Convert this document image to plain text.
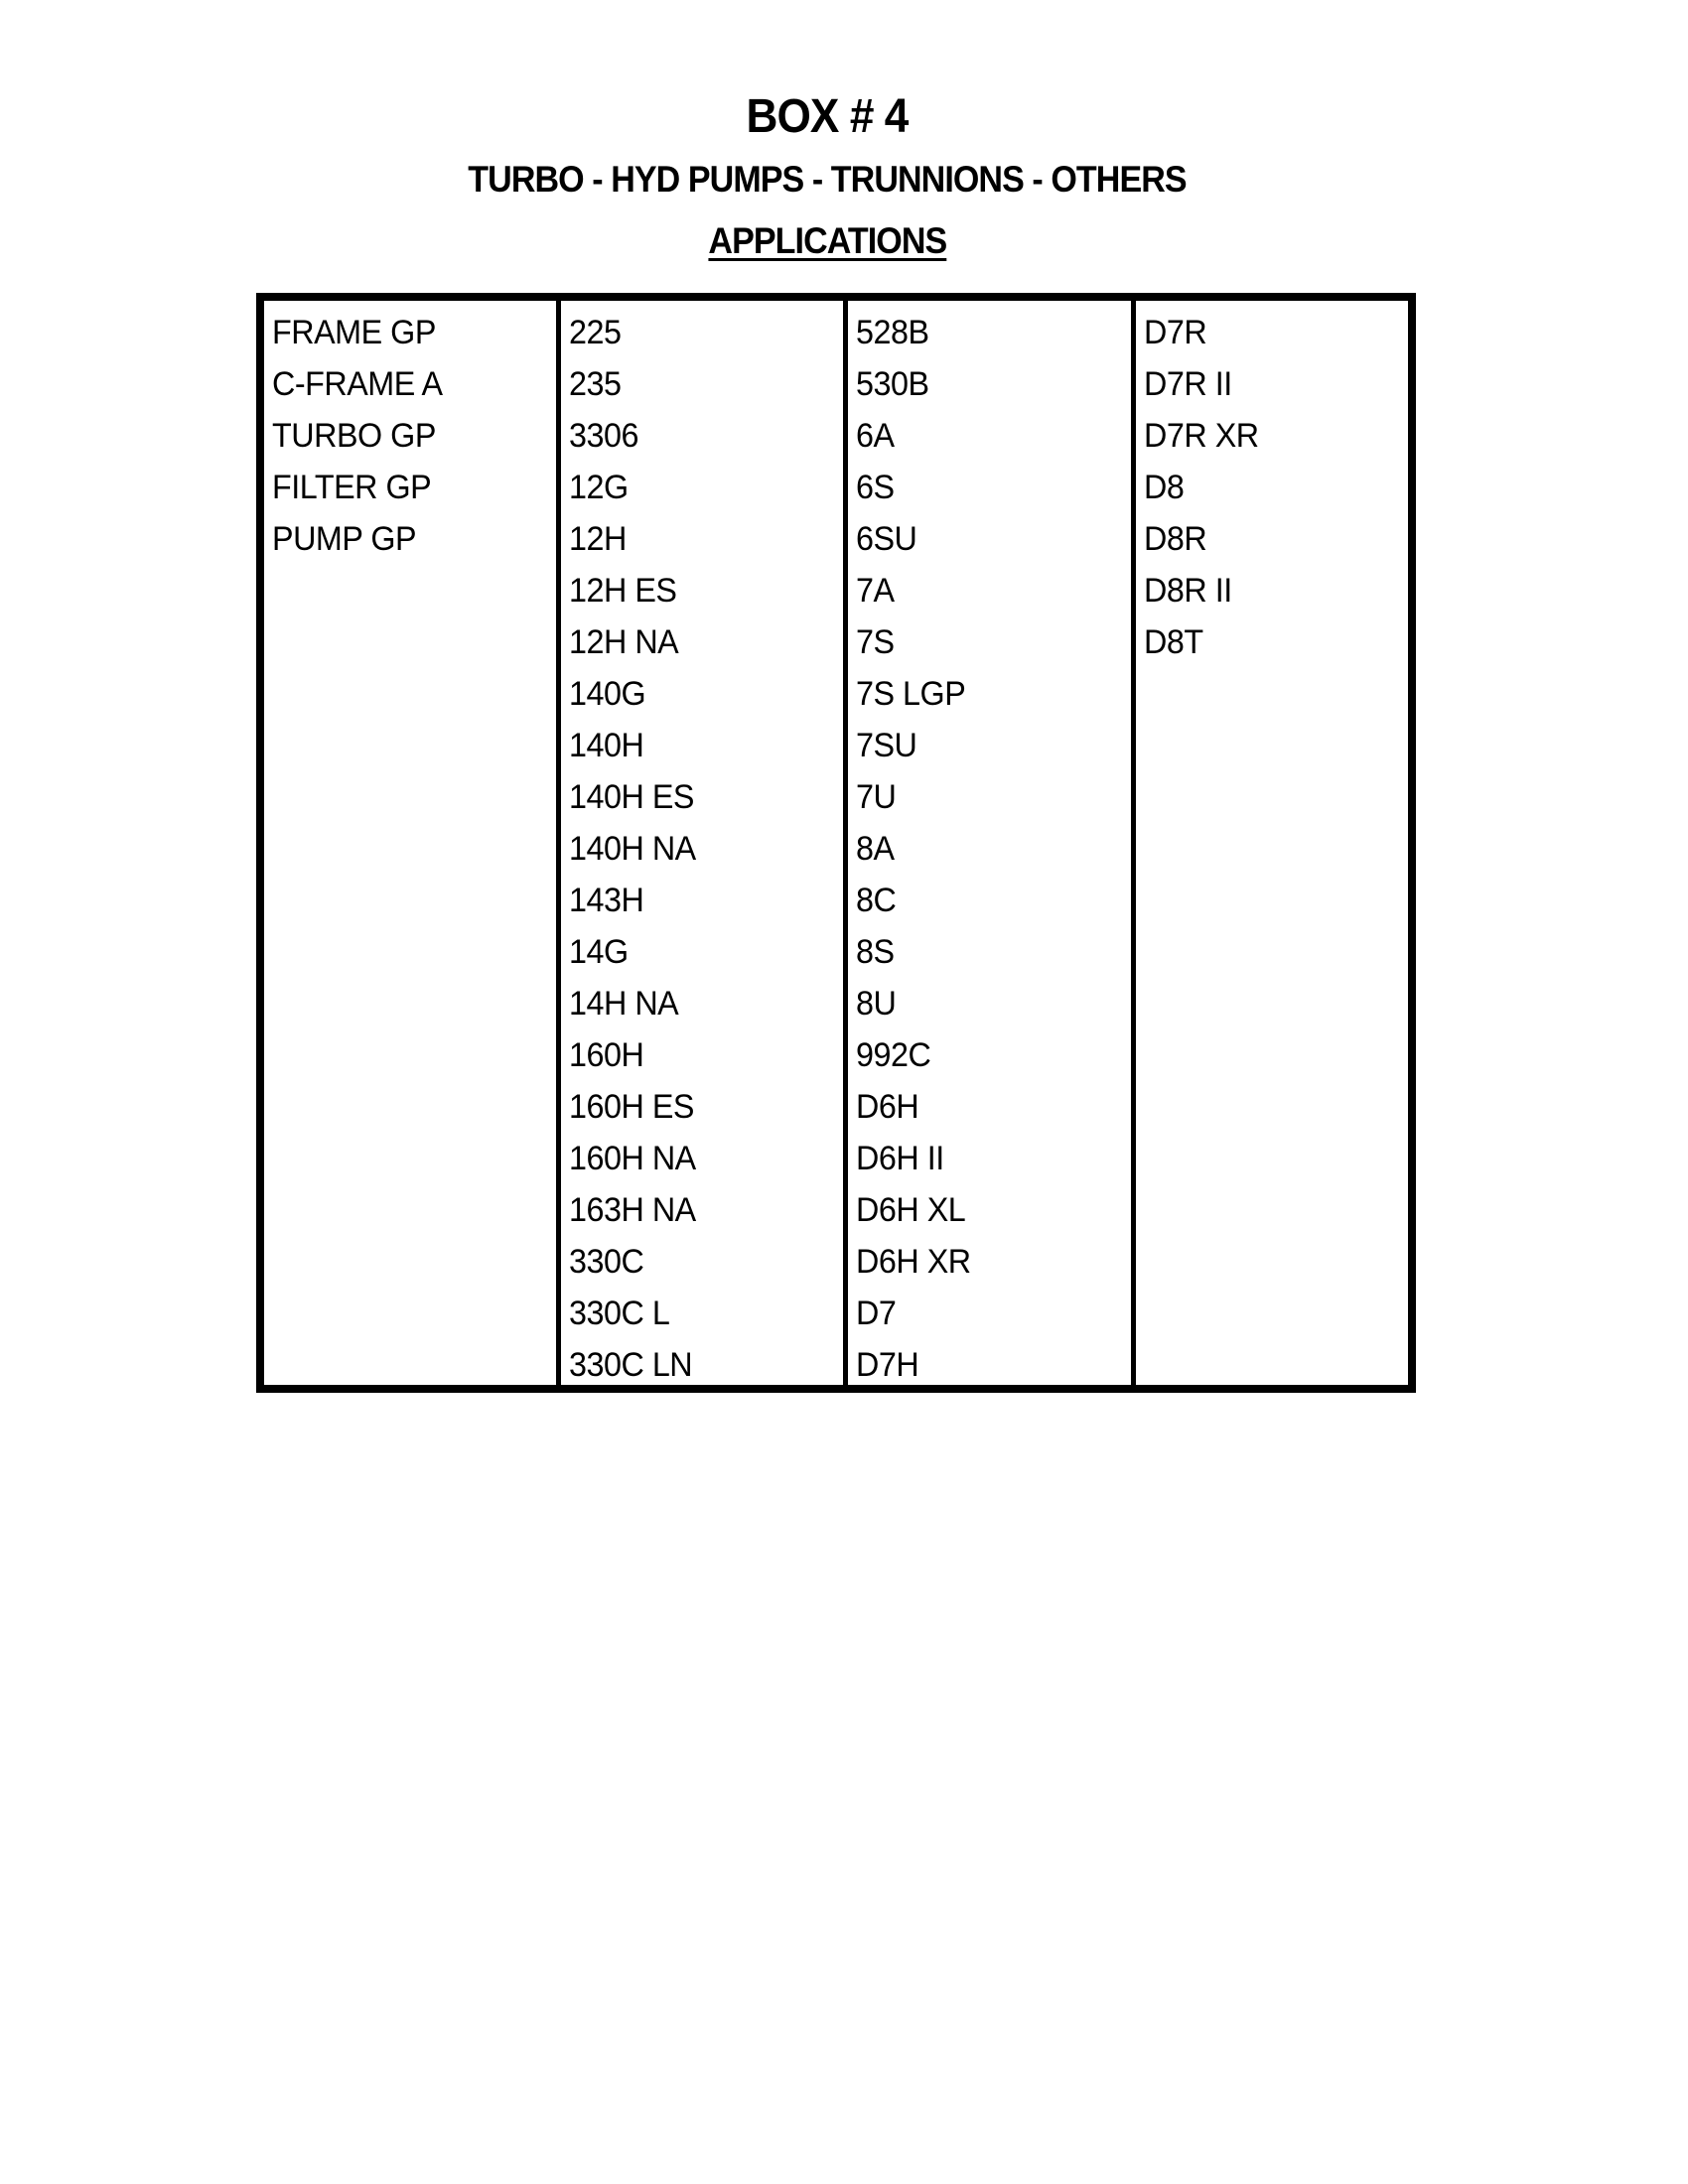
BOX # 4
TURBO - HYD PUMPS - TRUNNIONS - OTHERS
APPLICATIONS
FRAME GP
C-FRAME A
TURBO GP
FILTER GP
PUMP GP
225
235
3306
12G
12H
12H ES
12H NA
140G
140H
140H ES
140H NA
143H
14G
14H NA
160H
160H ES
160H NA
163H NA
330C
330C L
330C LN
528B
530B
6A
6S
6SU
7A
7S
7S LGP
7SU
7U
8A
8C
8S
8U
992C
D6H
D6H II
D6H XL
D6H XR
D7
D7H
D7R
D7R II
D7R XR
D8
D8R
D8R II
D8T
